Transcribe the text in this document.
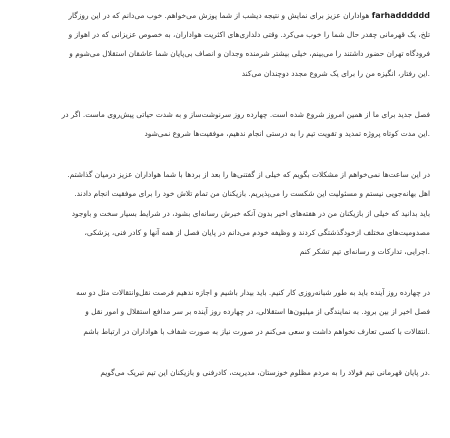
farhadddddd هواداران عزیز برای نمایش و نتیجه دیشب از شما پوزش می‌خواهم. خوب می‌دانم که در این روزگار
تلخ، یک قهرمانی چقدر حال شما را خوب می‌کرد. وقتی دلداری‌های اکثریت هواداران، به خصوص عزیزانی که در اهواز و
فرودگاه تهران حضور داشتند را می‌بینم، خیلی بیشتر شرمنده وجدان و انصاف بی‌پایان شما عاشقان استقلال می‌شوم و
.این رفتار، انگیزه من را برای یک شروع مجدد دوچندان می‌کند
فصل جدید برای ما از همین امروز شروع شده است. چهارده روز سرنوشت‌ساز و به شدت حیاتی پیش‌روی ماست. اگر در
.این مدت کوتاه پروژه تمدید و تقویت تیم را به درستی انجام ندهیم، موفقیت‌ها شروع نمی‌شود
در این ساعت‌ها نمی‌خواهم از مشکلات بگویم که خیلی از گفتنی‌ها را بعد از بردها با شما هواداران عزیز درمیان گذاشتم.
اهل بهانه‌جویی نیستم و مسئولیت این شکست را می‌پذیریم. بازیکنان من تمام تلاش خود را برای موفقیت انجام دادند.
باید بدانید که خیلی از بازیکنان من در هفته‌های اخیر بدون آنکه خبرش رسانه‌ای بشود، در شرایط بسیار سخت و باوجود
مصدومیت‌های مختلف ازخودگذشتگی کردند و وظیفه خودم می‌دانم در پایان فصل از همه آنها و کادر فنی، پزشکی،
.اجرایی، تدارکات و رسانه‌ای تیم تشکر کنم
در چهارده روز آینده باید به طور شبانه‌روزی کار کنیم. باید بیدار باشیم و اجازه ندهیم فرصت نقل‌وانتقالات مثل دو سه
فصل اخیر از بین برود. به نمایندگی از میلیون‌ها استقلالی، در چهارده روز آینده بر سر مدافع استقلال و امور نقل و
.انتقالات با کسی تعارف نخواهم داشت و سعی می‌کنم در صورت نیاز به صورت شفاف با هواداران در ارتباط باشم
.در پایان قهرمانی تیم فولاد را به مردم مظلوم خوزستان، مدیریت، کادرفنی و بازیکنان این تیم تبریک می‌گویم
